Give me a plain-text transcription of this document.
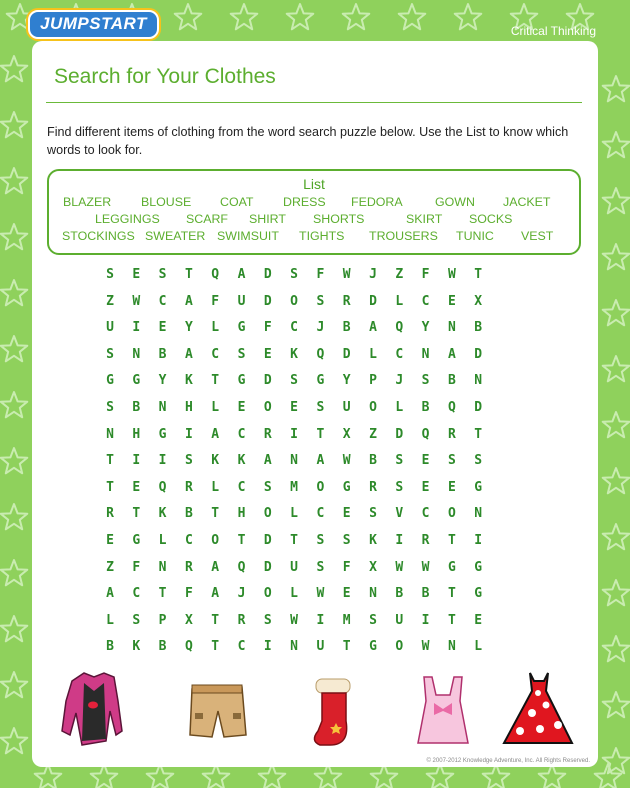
JUMPSTART	Critical Thinking
Search for Your Clothes
Find different items of clothing from the word search puzzle below. Use the List to know which words to look for.
List
BLAZER BLOUSE COAT DRESS FEDORA	GOWN JACKET
LEGGINGS SCARF SHIRT SHORTS	SKIRT SOCKS
STOCKINGS SWEATER SWIMSUIT TIGHTS TROUSERS TUNIC VEST
S	E	S	T	Q	A	D	S	F	W	J	Z	F	W	T
Z	W	C	A	F	U	D	O	S	R	D	L	C	E	X
U	I	E	Y	L	G	F	C	J	B	A	Q	Y	N	B
S	N	B	A	C	S	E	K	Q	D	L	C	N	A	D
G	G	Y	K	T	G	D	S	G	Y	P	J	S	B	N
S	B	N	H	L	E	O	E	S	U	O	L	B	Q	D
N	H	G	I	A	C	R	I	T	X	Z	D	Q	R	T
T	I	I	S	K	K	A	N	A	W	B	S	E	S	S
T	E	Q	R	L	C	S	M	O	G	R	S	E	E	G
R	T	K	B	T	H	O	L	C	E	S	V	C	O	N
E	G	L	C	O	T	D	T	S	S	K	I	R	T	I
Z	F	N	R	A	Q	D	U	S	F	X	W	W	G	G
A	C	T	F	A	J	O	L	W	E	N	B	B	T	G
L	S	P	X	T	R	S	W	I	M	S	U	I	T	E
B	K	B	Q	T	C	I	N	U	T	G	O	W	N	L
© 2007-2012 Knowledge Adventure, Inc. All Rights Reserved.
